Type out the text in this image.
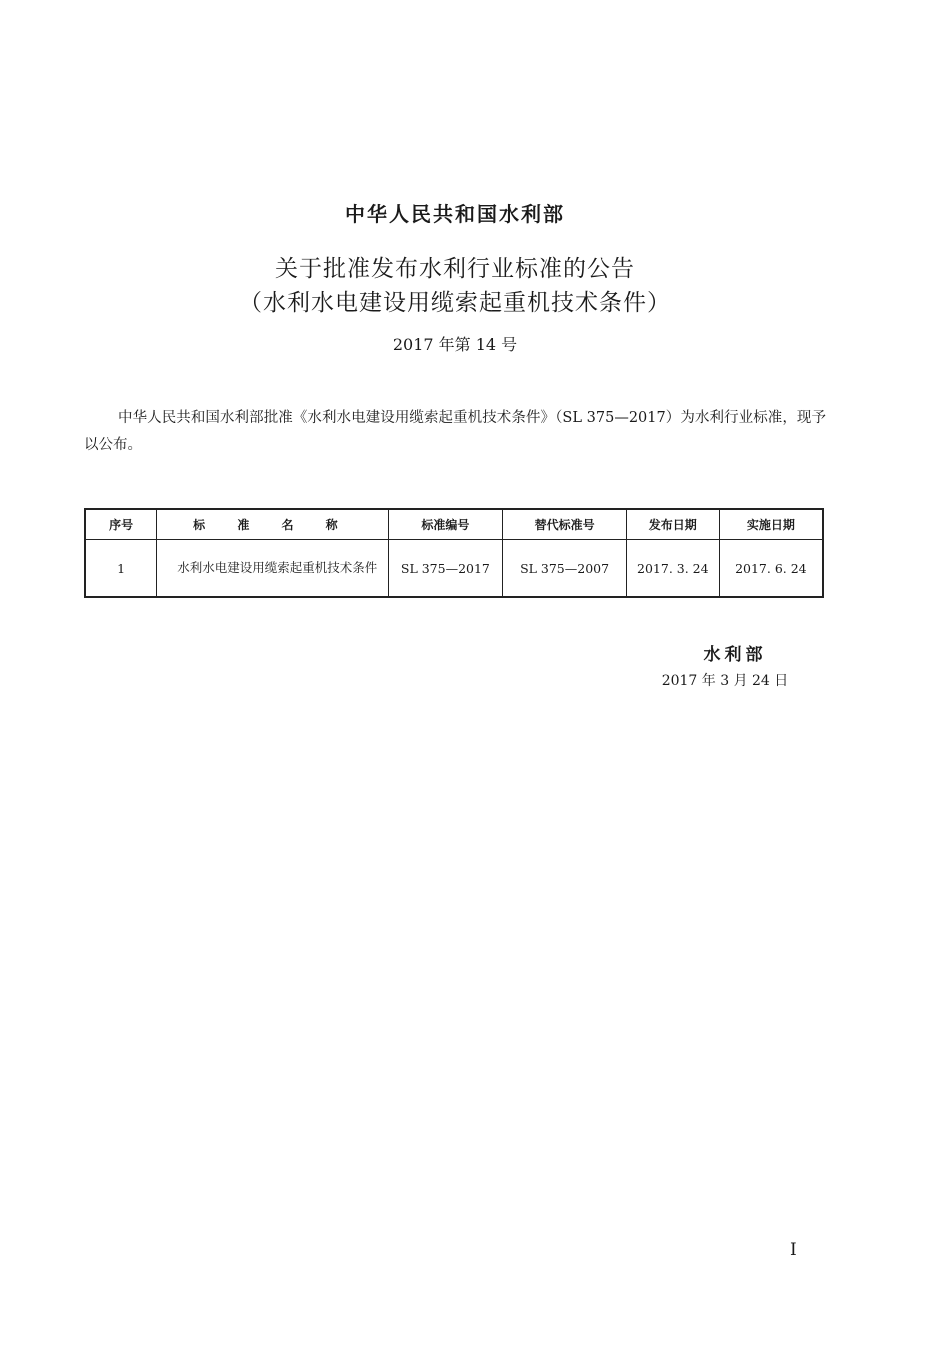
中华人民共和国水利部
关于批准发布水利行业标准的公告
（水利水电建设用缆索起重机技术条件）
2017 年第 14 号
中华人民共和国水利部批准《水利水电建设用缆索起重机技术条件》（SL 375—2017）为水利行业标准，现予以公布。
序号	标 准 名 称	标准编号	替代标准号	发布日期	实施日期
1	水利水电建设用缆索起重机技术条件	SL 375—2017	SL 375—2007	2017. 3. 24	2017. 6. 24
水利部
2017 年 3 月 24 日
I
